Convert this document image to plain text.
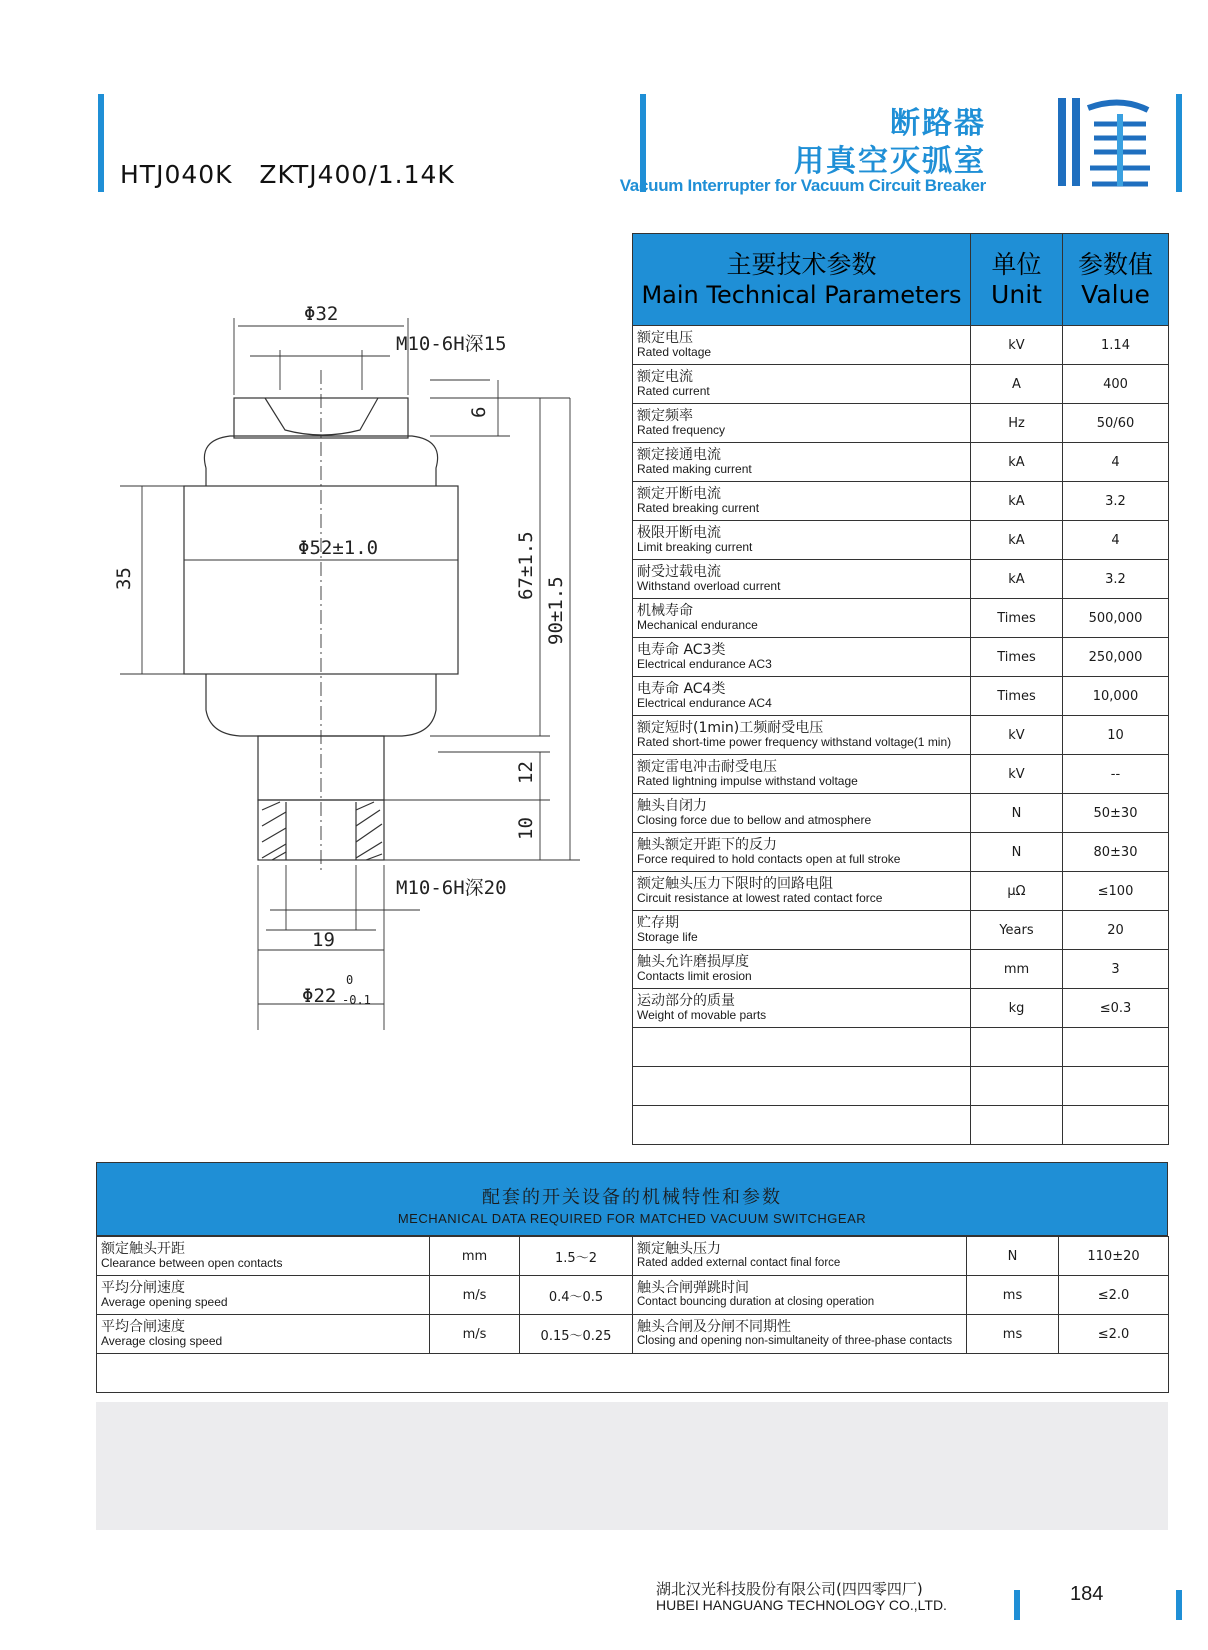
HTJ040K   ZKTJ400/1.14K
断路器
用真空灭弧室
Vacuum Interrupter for Vacuum Circuit Breaker
Φ32
M10-6H深15
6
35
Φ52±1.0	67±1.5
90±1.5
12
10
M10-6H深20
19
Φ22
0
-0.1
主要技术参数
Main Technical Parameters	单位
Unit	参数值
Value

额定电压
Rated voltage	kV	1.14

额定电流
Rated current	A	400

额定频率
Rated frequency	Hz	50/60

额定接通电流
Rated making current	kA	4

额定开断电流
Rated breaking current	kA	3.2

极限开断电流
Limit breaking current	kA	4

耐受过载电流
Withstand overload current	kA	3.2

机械寿命
Mechanical endurance	Times	500,000

电寿命 AC3类
Electrical endurance AC3	Times	250,000

电寿命 AC4类
Electrical endurance AC4	Times	10,000

额定短时(1min)工频耐受电压
Rated short-time power frequency withstand voltage(1 min)	kV	10

额定雷电冲击耐受电压
Rated lightning impulse withstand voltage	kV	--

触头自闭力
Closing force due to bellow and atmosphere	N	50±30

触头额定开距下的反力
Force required to hold contacts open at full stroke	N	80±30

额定触头压力下限时的回路电阻
Circuit resistance at lowest rated contact force	μΩ	≤100

贮存期
Storage life	Years	20

触头允许磨损厚度
Contacts limit erosion	mm	3

运动部分的质量
Weight of movable parts	kg	≤0.3

配套的开关设备的机械特性和参数
MECHANICAL DATA REQUIRED FOR MATCHED VACUUM SWITCHGEAR
额定触头开距
Clearance between open contacts	mm	1.5～2	额定触头压力
Rated added external contact final force	N	110±20

平均分闸速度
Average opening speed	m/s	0.4～0.5	触头合闸弹跳时间
Contact bouncing duration at closing operation	ms	≤2.0

平均合闸速度
Average closing speed	m/s	0.15～0.25	触头合闸及分闸不同期性
Closing and opening non-simultaneity of three-phase contacts	ms	≤2.0

湖北汉光科技股份有限公司(四四零四厂)
HUBEI HANGUANG TECHNOLOGY CO.,LTD.	184
